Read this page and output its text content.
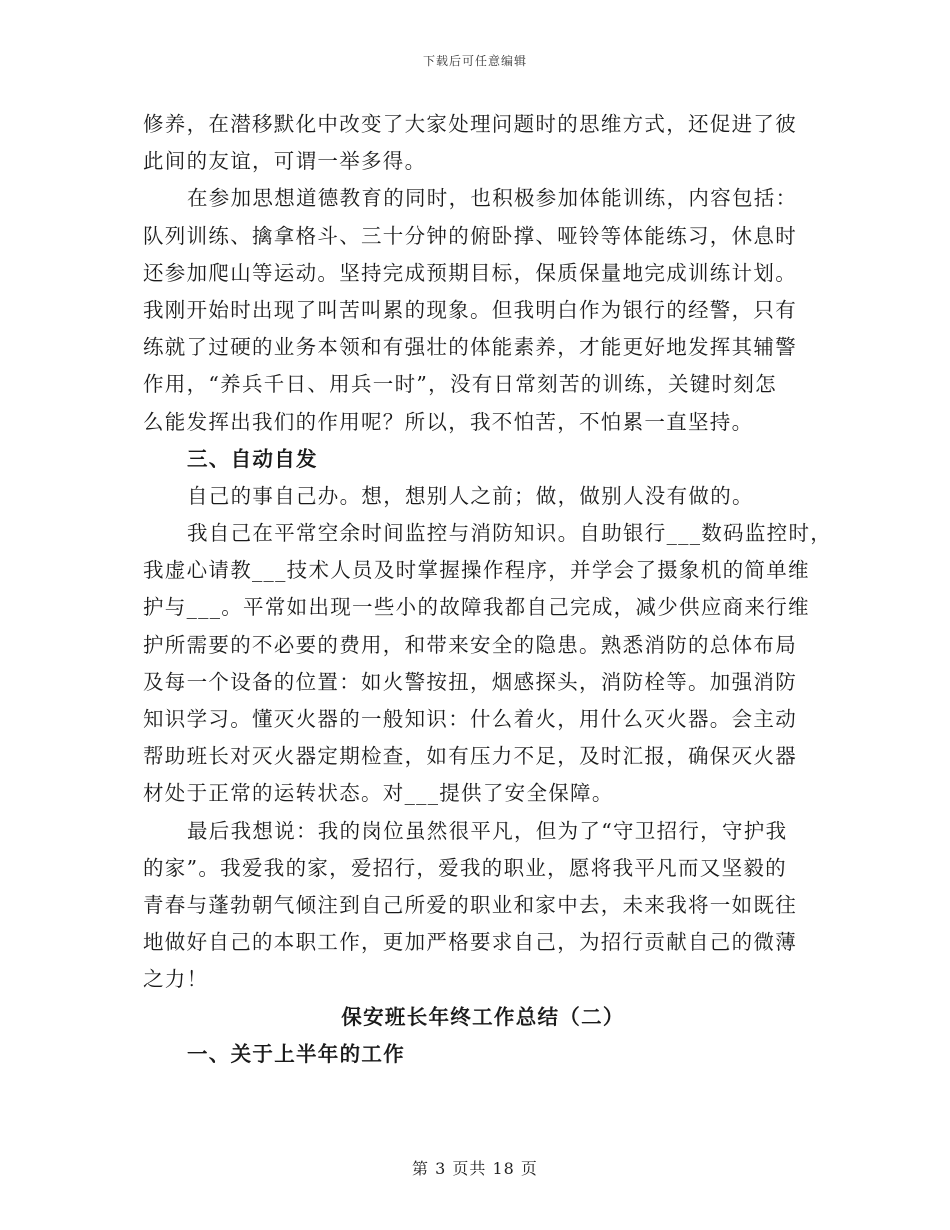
下载后可任意编辑
修养，在潜移默化中改变了大家处理问题时的思维方式，还促进了彼
此间的友谊，可谓一举多得。
在参加思想道德教育的同时，也积极参加体能训练，内容包括：
队列训练、擒拿格斗、三十分钟的俯卧撑、哑铃等体能练习，休息时
还参加爬山等运动。坚持完成预期目标，保质保量地完成训练计划。
我刚开始时出现了叫苦叫累的现象。但我明白作为银行的经警，只有
练就了过硬的业务本领和有强壮的体能素养，才能更好地发挥其辅警
作用，“养兵千日、用兵一时”，没有日常刻苦的训练，关键时刻怎
么能发挥出我们的作用呢？所以，我不怕苦，不怕累一直坚持。
三、自动自发
自己的事自己办。想，想别人之前；做，做别人没有做的。
我自己在平常空余时间监控与消防知识。自助银行___数码监控时，
我虚心请教___技术人员及时掌握操作程序，并学会了摄象机的简单维
护与___。平常如出现一些小的故障我都自己完成，减少供应商来行维
护所需要的不必要的费用，和带来安全的隐患。熟悉消防的总体布局
及每一个设备的位置：如火警按扭，烟感探头，消防栓等。加强消防
知识学习。懂灭火器的一般知识：什么着火，用什么灭火器。会主动
帮助班长对灭火器定期检查，如有压力不足，及时汇报，确保灭火器
材处于正常的运转状态。对___提供了安全保障。
最后我想说：我的岗位虽然很平凡，但为了“守卫招行，守护我
的家”。我爱我的家，爱招行，爱我的职业，愿将我平凡而又坚毅的
青春与蓬勃朝气倾注到自己所爱的职业和家中去，未来我将一如既往
地做好自己的本职工作，更加严格要求自己，为招行贡献自己的微薄
之力！
保安班长年终工作总结（二）
一、关于上半年的工作
第 3 页共 18 页
